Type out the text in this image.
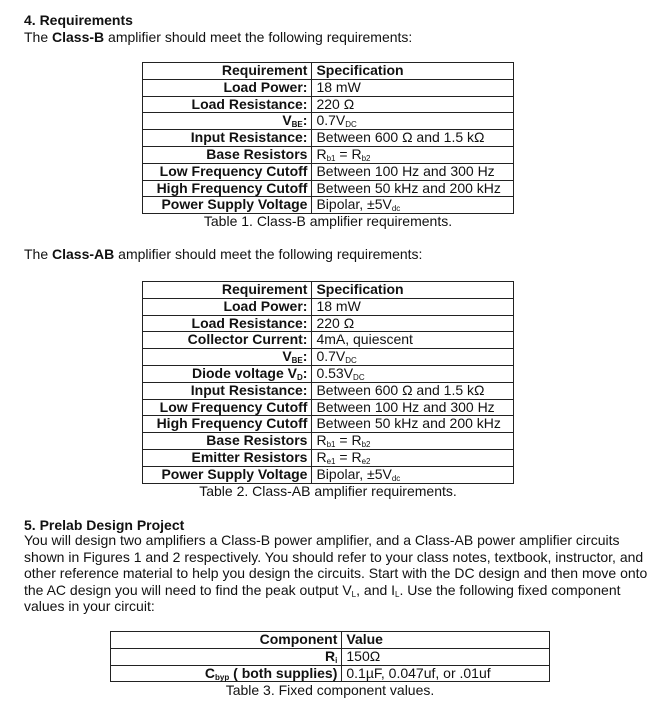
4. Requirements

The Class-B amplifier should meet the following requirements:

Requirement	Specification
Load Power:	18 mW
Load Resistance:	220 Ω
$V_{BE}$:	$0.7V_{DC}$
Input Resistance:	Between 600 Ω and 1.5 kΩ
Base Resistors	$R_{b1} = R_{b2}$
Low Frequency Cutoff	Between 100 Hz and 300 Hz
High Frequency Cutoff	Between 50 kHz and 200 kHz
Power Supply Voltage	Bipolar, $\pm 5V_{dc}$
Table 1. Class-B amplifier requirements.

The Class-AB amplifier should meet the following requirements:

Requirement	Specification
Load Power:	18 mW
Load Resistance:	220 Ω
Collector Current:	4mA, quiescent
$V_{BE}$:	$0.7V_{DC}$
Diode voltage $V_D$:	$0.53V_{DC}$
Input Resistance:	Between 600 Ω and 1.5 kΩ
Low Frequency Cutoff	Between 100 Hz and 300 Hz
High Frequency Cutoff	Between 50 kHz and 200 kHz
Base Resistors	$R_{b1} = R_{b2}$
Emitter Resistors	$R_{e1} = R_{e2}$
Power Supply Voltage	Bipolar, $\pm 5V_{dc}$
Table 2. Class-AB amplifier requirements.
5. Prelab Design Project

You will design two amplifiers a Class-B power amplifier, and a Class-AB power amplifier circuits shown in Figures 1 and 2 respectively. You should refer to your class notes, textbook, instructor, and other reference material to help you design the circuits. Start with the DC design and then move onto the AC design you will need to find the peak output $V_L$, and $I_L$. Use the following fixed component values in your circuit:

Component	Value
$R_i$	150Ω
$C_{byp}$ ( both supplies)	0.1µF, 0.047uf, or .01uf
Table 3. Fixed component values.
